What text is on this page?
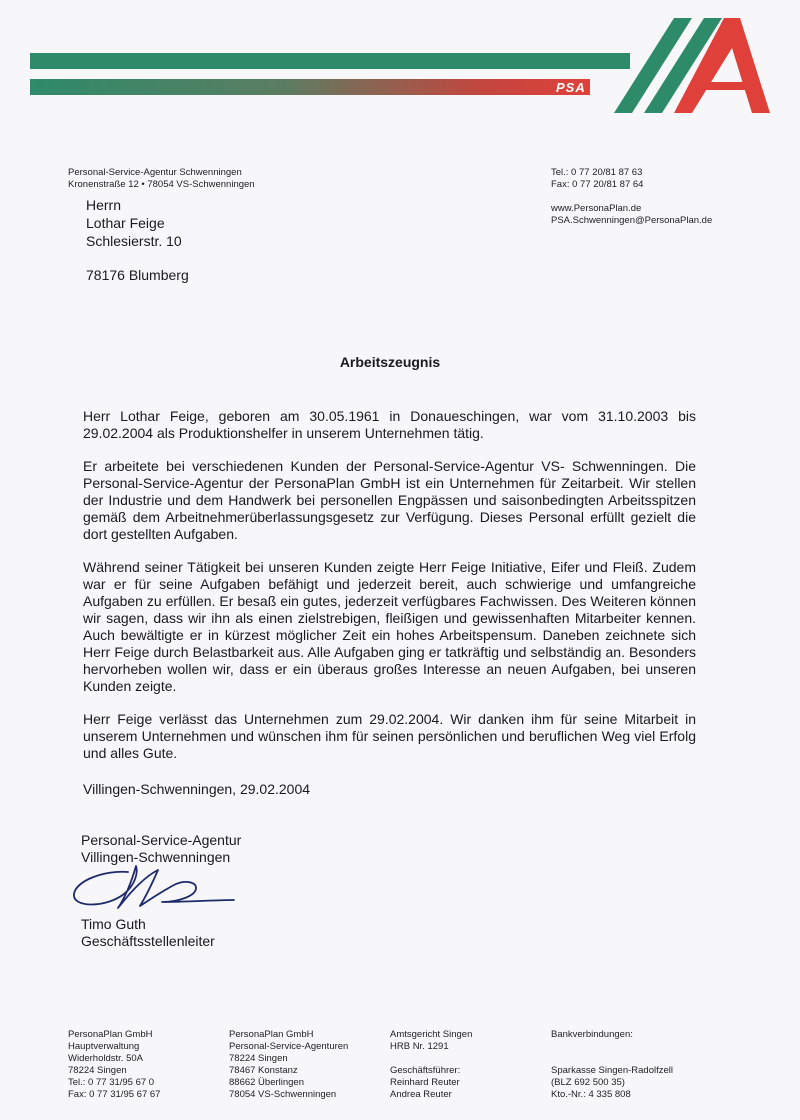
PSA
Personal-Service-Agentur Schwenningen
Kronenstraße 12 • 78054 VS-Schwenningen
Tel.: 0 77 20/81 87 63
Fax: 0 77 20/81 87 64
www.PersonaPlan.de
PSA.Schwenningen@PersonaPlan.de
Herrn
Lothar Feige
Schlesierstr. 10
78176 Blumberg
Arbeitszeugnis

Herr Lothar Feige, geboren am 30.05.1961 in Donaueschingen, war vom 31.10.2003 bis 29.02.2004 als Produktionshelfer in unserem Unternehmen tätig.

Er arbeitete bei verschiedenen Kunden der Personal-Service-Agentur VS- Schwenningen. Die Personal-Service-Agentur der PersonaPlan GmbH ist ein Unternehmen für Zeitarbeit. Wir stellen der Industrie und dem Handwerk bei personellen Engpässen und saisonbedingten Arbeitsspitzen gemäß dem Arbeitnehmerüberlassungsgesetz zur Verfügung. Dieses Personal erfüllt gezielt die dort gestellten Aufgaben.

Während seiner Tätigkeit bei unseren Kunden zeigte Herr Feige Initiative, Eifer und Fleiß. Zudem war er für seine Aufgaben befähigt und jederzeit bereit, auch schwierige und umfangreiche Aufgaben zu erfüllen. Er besaß ein gutes, jederzeit verfügbares Fachwissen. Des Weiteren können wir sagen, dass wir ihn als einen zielstrebigen, fleißigen und gewissenhaften Mitarbeiter kennen. Auch bewältigte er in kürzest möglicher Zeit ein hohes Arbeitspensum. Daneben zeichnete sich Herr Feige durch Belastbarkeit aus. Alle Aufgaben ging er tatkräftig und selbständig an. Besonders hervorheben wollen wir, dass er ein überaus großes Interesse an neuen Aufgaben, bei unseren Kunden zeigte.

Herr Feige verlässt das Unternehmen zum 29.02.2004. Wir danken ihm für seine Mitarbeit in unserem Unternehmen und wünschen ihm für seinen persönlichen und beruflichen Weg viel Erfolg und alles Gute.

Villingen-Schwenningen, 29.02.2004
Personal-Service-Agentur
Villingen-Schwenningen
Timo Guth
Geschäftsstellenleiter
PersonaPlan GmbH
Hauptverwaltung
Widerholdstr. 50A
78224 Singen
Tel.: 0 77 31/95 67 0
Fax: 0 77 31/95 67 67
PersonaPlan GmbH
Personal-Service-Agenturen
78224 Singen
78467 Konstanz
88662 Überlingen
78054 VS-Schwenningen
Amtsgericht Singen
HRB Nr. 1291
Geschäftsführer:
Reinhard Reuter
Andrea Reuter
Bankverbindungen:
Sparkasse Singen-Radolfzell
(BLZ 692 500 35)
Kto.-Nr.: 4 335 808
